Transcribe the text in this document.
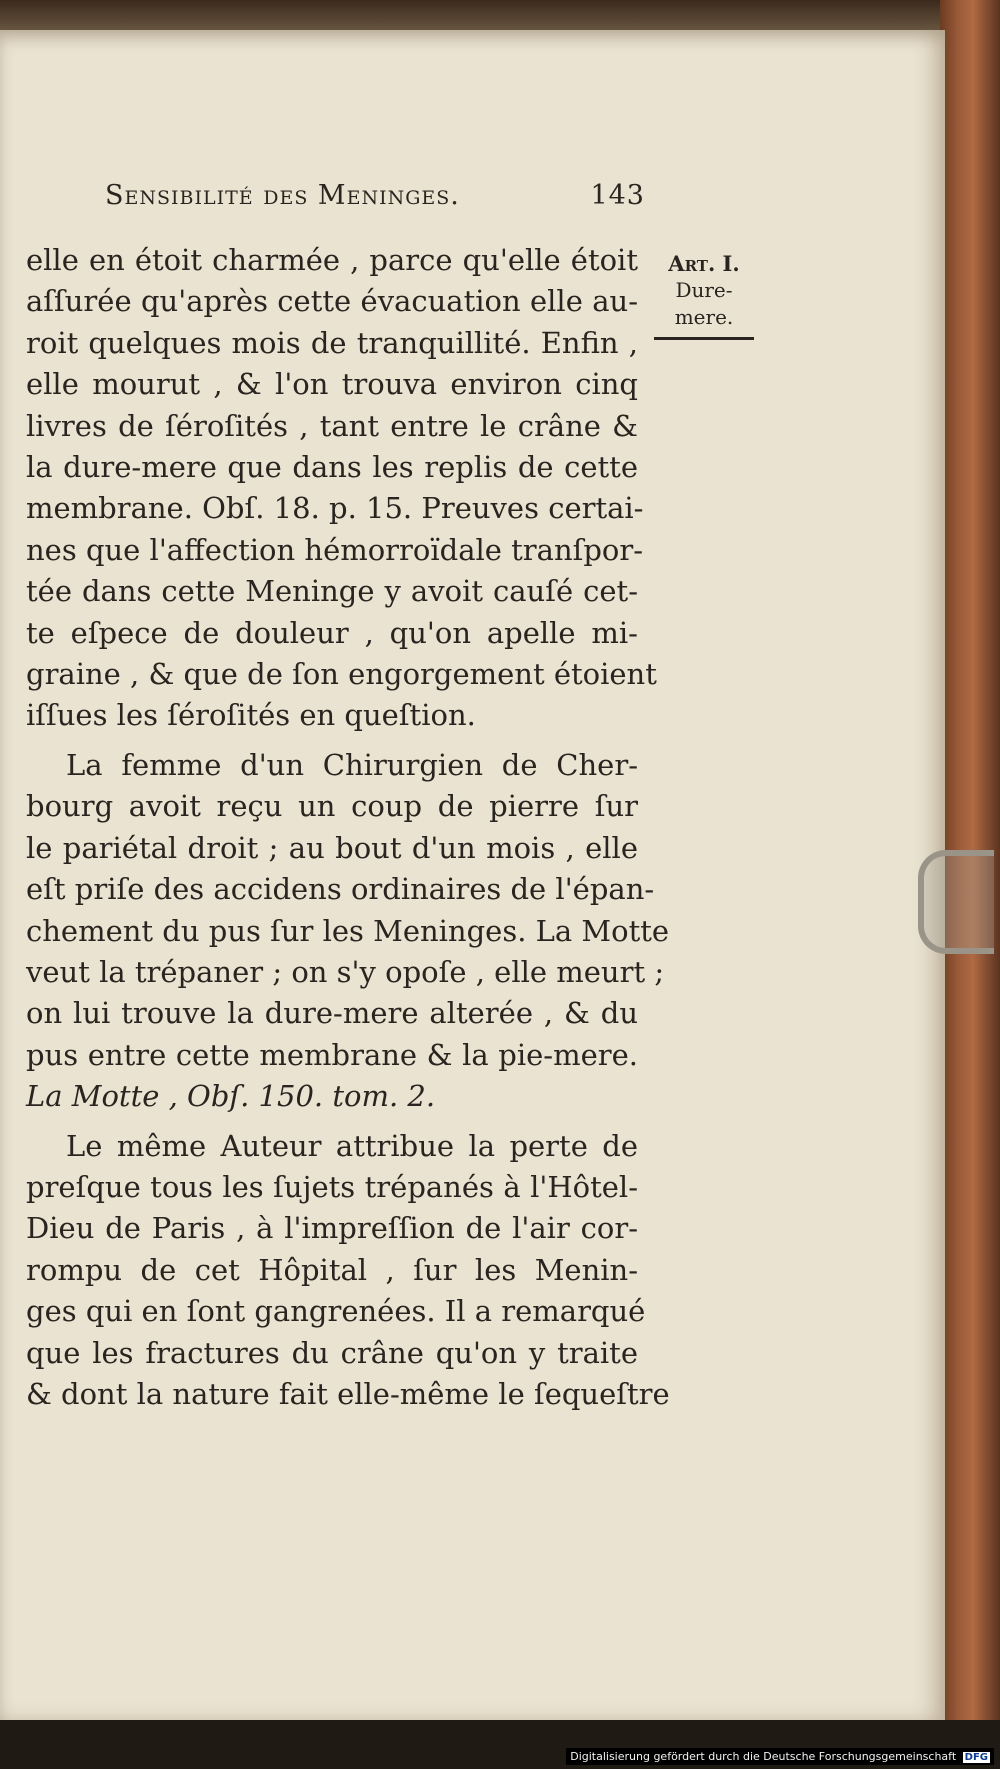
Sensibilité des Meninges.	143
Art. I.
Dure-mere.

elle en étoit charmée , parce qu'elle étoit
aſſurée qu'après cette évacuation elle au-
roit quelques mois de tranquillité. Enfin ,
elle mourut , & l'on trouva environ cinq
livres de ſéroſités , tant entre le crâne &
la dure-mere que dans les replis de cette
membrane. Obſ. 18. p. 15. Preuves certai-
nes que l'affection hémorroïdale tranſpor-
tée dans cette Meninge y avoit cauſé cet-
te eſpece de douleur , qu'on apelle mi-
graine , & que de ſon engorgement étoient
iſſues les ſéroſités en queſtion.

La femme d'un Chirurgien de Cher-
bourg avoit reçu un coup de pierre ſur
le pariétal droit ; au bout d'un mois , elle
eſt priſe des accidens ordinaires de l'épan-
chement du pus ſur les Meninges. La Motte
veut la trépaner ; on s'y opoſe , elle meurt ;
on lui trouve la dure-mere alterée , & du
pus entre cette membrane & la pie-mere.
La Motte , Obſ. 150. tom. 2.

Le même Auteur attribue la perte de
preſque tous les ſujets trépanés à l'Hôtel-
Dieu de Paris , à l'impreſſion de l'air cor-
rompu de cet Hôpital , ſur les Menin-
ges qui en ſont gangrenées. Il a remarqué
que les fractures du crâne qu'on y traite
& dont la nature fait elle-même le ſequeſtre

Digitalisierung gefördert durch die Deutsche Forschungsgemeinschaft DFG
